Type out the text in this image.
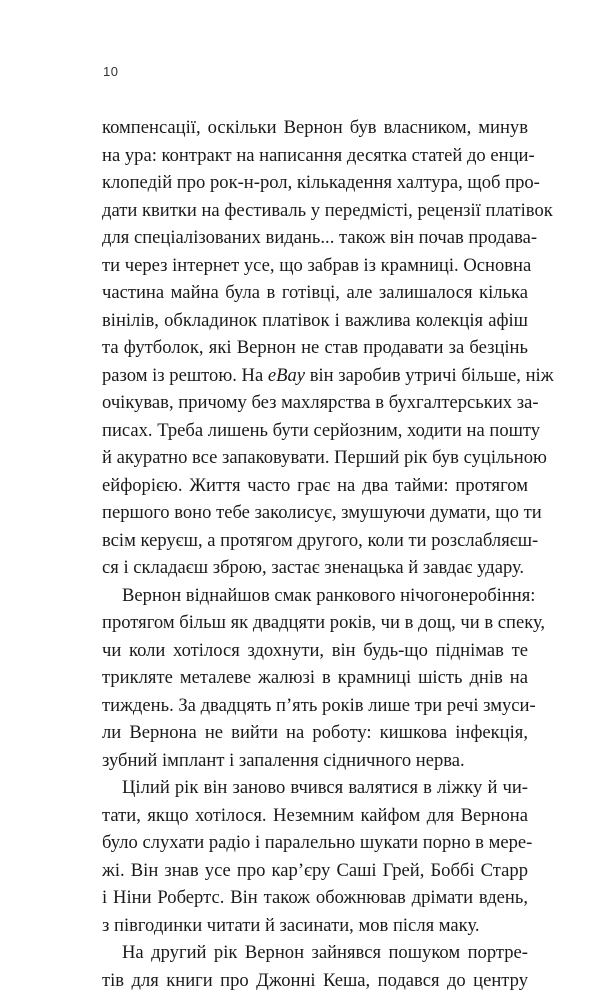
10
компенсації, оскільки Вернон був власником, минув
на ура: контракт на написання десятка статей до енци-
клопедій про рок-н-рол, кількадення халтура, щоб про-
дати квитки на фестиваль у передмісті, рецензії платівок
для спеціалізованих видань... також він почав продава-
ти через інтернет усе, що забрав із крамниці. Основна
частина майна була в готівці, але залишалося кілька
вінілів, обкладинок платівок і важлива колекція афіш
та футболок, які Вернон не став продавати за безцінь
разом із рештою. На eBay він заробив утричі більше, ніж
очікував, причому без махлярства в бухгалтерських за-
писах. Треба лишень бути серйозним, ходити на пошту
й акуратно все запаковувати. Перший рік був суцільною
ейфорією. Життя часто грає на два тайми: протягом
першого воно тебе заколисує, змушуючи думати, що ти
всім керуєш, а протягом другого, коли ти розслабляєш-
ся і складаєш зброю, застає зненацька й завдає удару.
Вернон віднайшов смак ранкового нічогонеробіння:
протягом більш як двадцяти років, чи в дощ, чи в спеку,
чи коли хотілося здохнути, він будь-що піднімав те
трикляте металеве жалюзі в крамниці шість днів на
тиждень. За двадцять п’ять років лише три речі змуси-
ли Вернона не вийти на роботу: кишкова інфекція,
зубний імплант і запалення сідничного нерва.
Цілий рік він заново вчився валятися в ліжку й чи-
тати, якщо хотілося. Неземним кайфом для Вернона
було слухати радіо і паралельно шукати порно в мере-
жі. Він знав усе про кар’єру Саші Грей, Боббі Старр
і Ніни Робертс. Він також обожнював дрімати вдень,
з півгодинки читати й засинати, мов після маку.
На другий рік Вернон зайнявся пошуком портре-
тів для книги про Джонні Кеша, подався до центру
